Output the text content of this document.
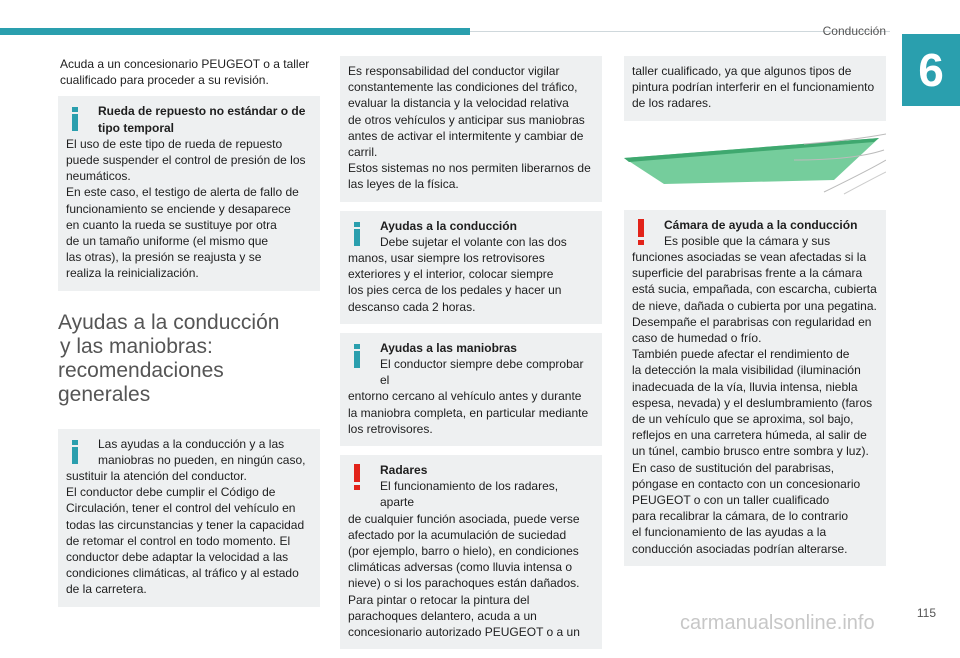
Conducción
6
Acuda a un concesionario PEUGEOT o a taller
cualificado para proceder a su revisión.
Rueda de repuesto no estándar o de
tipo temporal
El uso de este tipo de rueda de repuesto
puede suspender el control de presión de los
neumáticos.
En este caso, el testigo de alerta de fallo de
funcionamiento se enciende y desaparece
en cuanto la rueda se sustituye por otra
de un tamaño uniforme (el mismo que
las otras), la presión se reajusta y se
realiza la reinicialización.
Ayudas a la conducción
y las maniobras:
recomendaciones
generales
Las ayudas a la conducción y a las
maniobras no pueden, en ningún caso,
sustituir la atención del conductor.
El conductor debe cumplir el Código de
Circulación, tener el control del vehículo en
todas las circunstancias y tener la capacidad
de retomar el control en todo momento. El
conductor debe adaptar la velocidad a las
condiciones climáticas, al tráfico y al estado
de la carretera.
Es responsabilidad del conductor vigilar
constantemente las condiciones del tráfico,
evaluar la distancia y la velocidad relativa
de otros vehículos y anticipar sus maniobras
antes de activar el intermitente y cambiar de
carril.
Estos sistemas no nos permiten liberarnos de
las leyes de la física.
Ayudas a la conducción
Debe sujetar el volante con las dos
manos, usar siempre los retrovisores
exteriores y el interior, colocar siempre
los pies cerca de los pedales y hacer un
descanso cada 2 horas.
Ayudas a las maniobras
El conductor siempre debe comprobar el
entorno cercano al vehículo antes y durante
la maniobra completa, en particular mediante
los retrovisores.
Radares
El funcionamiento de los radares, aparte
de cualquier función asociada, puede verse
afectado por la acumulación de suciedad
(por ejemplo, barro o hielo), en condiciones
climáticas adversas (como lluvia intensa o
nieve) o si los parachoques están dañados.
Para pintar o retocar la pintura del
parachoques delantero, acuda a un
concesionario autorizado PEUGEOT o a un
taller cualificado, ya que algunos tipos de
pintura podrían interferir en el funcionamiento
de los radares.
Cámara de ayuda a la conducción
Es posible que la cámara y sus
funciones asociadas se vean afectadas si la
superficie del parabrisas frente a la cámara
está sucia, empañada, con escarcha, cubierta
de nieve, dañada o cubierta por una pegatina.
Desempañe el parabrisas con regularidad en
caso de humedad o frío.
También puede afectar el rendimiento de
la detección la mala visibilidad (iluminación
inadecuada de la vía, lluvia intensa, niebla
espesa, nevada) y el deslumbramiento (faros
de un vehículo que se aproxima, sol bajo,
reflejos en una carretera húmeda, al salir de
un túnel, cambio brusco entre sombra y luz).
En caso de sustitución del parabrisas,
póngase en contacto con un concesionario
PEUGEOT o con un taller cualificado
para recalibrar la cámara, de lo contrario
el funcionamiento de las ayudas a la
conducción asociadas podrían alterarse.
115
carmanualsonline.info
